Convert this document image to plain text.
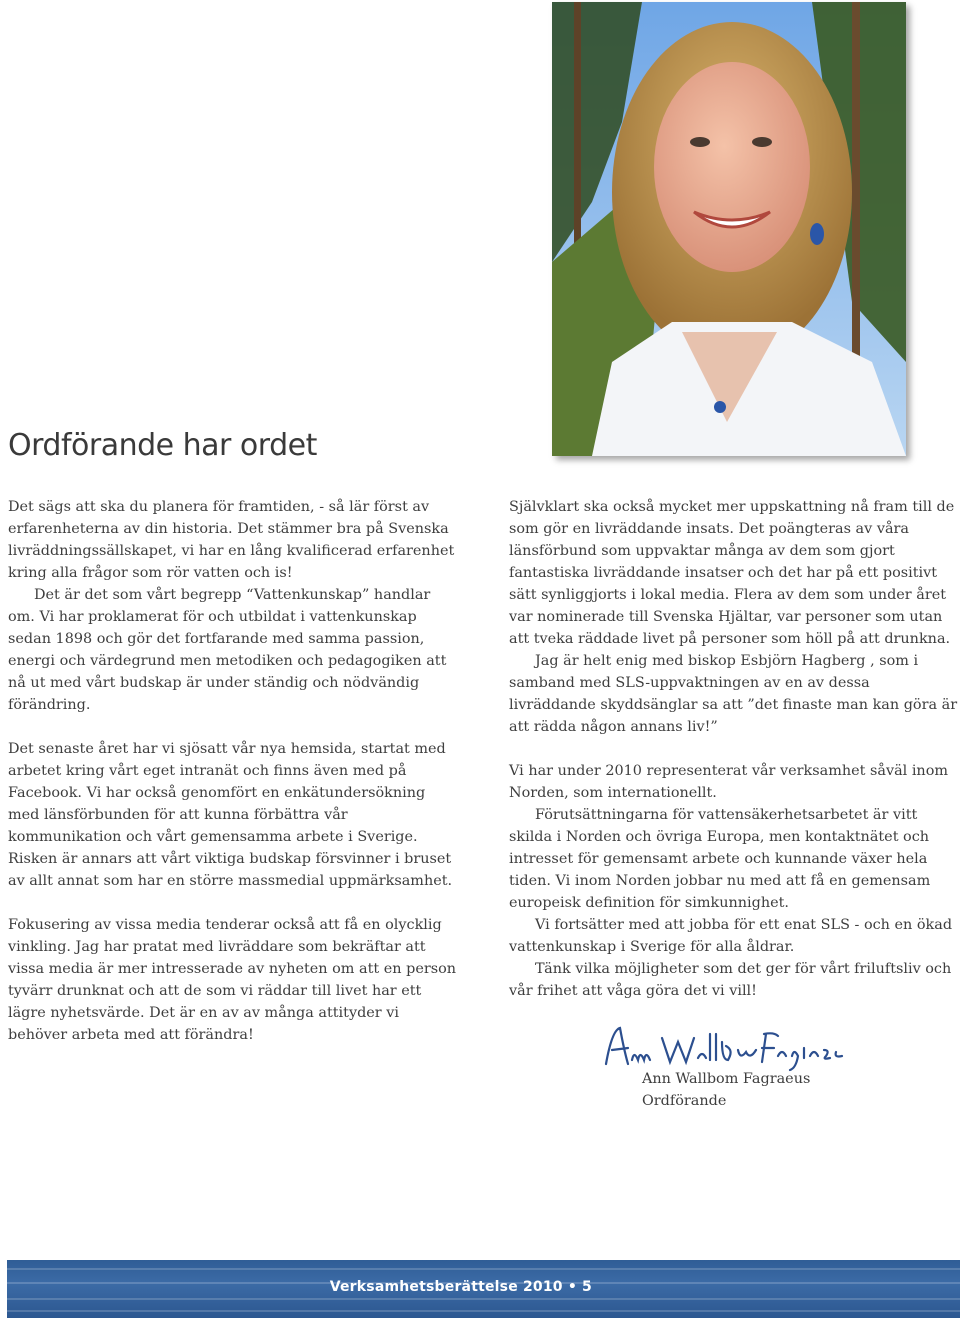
Ordförande har ordet

Det sägs att ska du planera för framtiden, - så lär först av erfarenheterna av din historia. Det stämmer bra på Svenska livräddningssällskapet, vi har en lång kvalificerad erfarenhet kring alla frågor som rör vatten och is!

Det är det som vårt begrepp “Vattenkunskap” handlar om. Vi har proklamerat för och utbildat i vattenkunskap sedan 1898 och gör det fortfarande med samma passion, energi och värdegrund men metodiken och pedagogiken att nå ut med vårt budskap är under ständig och nödvändig förändring.

Det senaste året har vi sjösatt vår nya hemsida, startat med arbetet kring vårt eget intranät och finns även med på Facebook. Vi har också genomfört en enkätundersökning med länsförbunden för att kunna förbättra vår kommunikation och vårt gemensamma arbete i Sverige. Risken är annars att vårt viktiga budskap försvinner i bruset av allt annat som har en större massmedial uppmärksamhet.

Fokusering av vissa media tenderar också att få en olycklig vinkling. Jag har pratat med livräddare som bekräftar att vissa media är mer intresserade av nyheten om att en person tyvärr drunknat och att de som vi räddar till livet har ett lägre nyhetsvärde. Det är en av av många attityder vi behöver arbeta med att förändra!

Självklart ska också mycket mer uppskattning nå fram till de som gör en livräddande insats. Det poängteras av våra länsförbund som uppvaktar många av dem som gjort fantastiska livräddande insatser och det har på ett positivt sätt synliggjorts i lokal media. Flera av dem som under året var nominerade till Svenska Hjältar, var personer som utan att tveka räddade livet på personer som höll på att drunkna.

Jag är helt enig med biskop Esbjörn Hagberg , som i samband med SLS-uppvaktningen av en av dessa livräddande skyddsänglar sa att ”det finaste man kan göra är att rädda någon annans liv!”

Vi har under 2010 representerat vår verksamhet såväl inom Norden, som internationellt.

Förutsättningarna för vattensäkerhetsarbetet är vitt skilda i Norden och övriga Europa, men kontaktnätet och intresset för gemensamt arbete och kunnande växer hela tiden. Vi inom Norden jobbar nu med att få en gemensam europeisk definition för simkunnighet.

Vi fortsätter med att jobba för ett enat SLS - och en ökad vattenkunskap i Sverige för alla åldrar.

Tänk vilka möjligheter som det ger för vårt friluftsliv och vår frihet att våga göra det vi vill!

Ann Wallbom Fagraeus
Ordförande
Verksamhetsberättelse 2010 • 5
